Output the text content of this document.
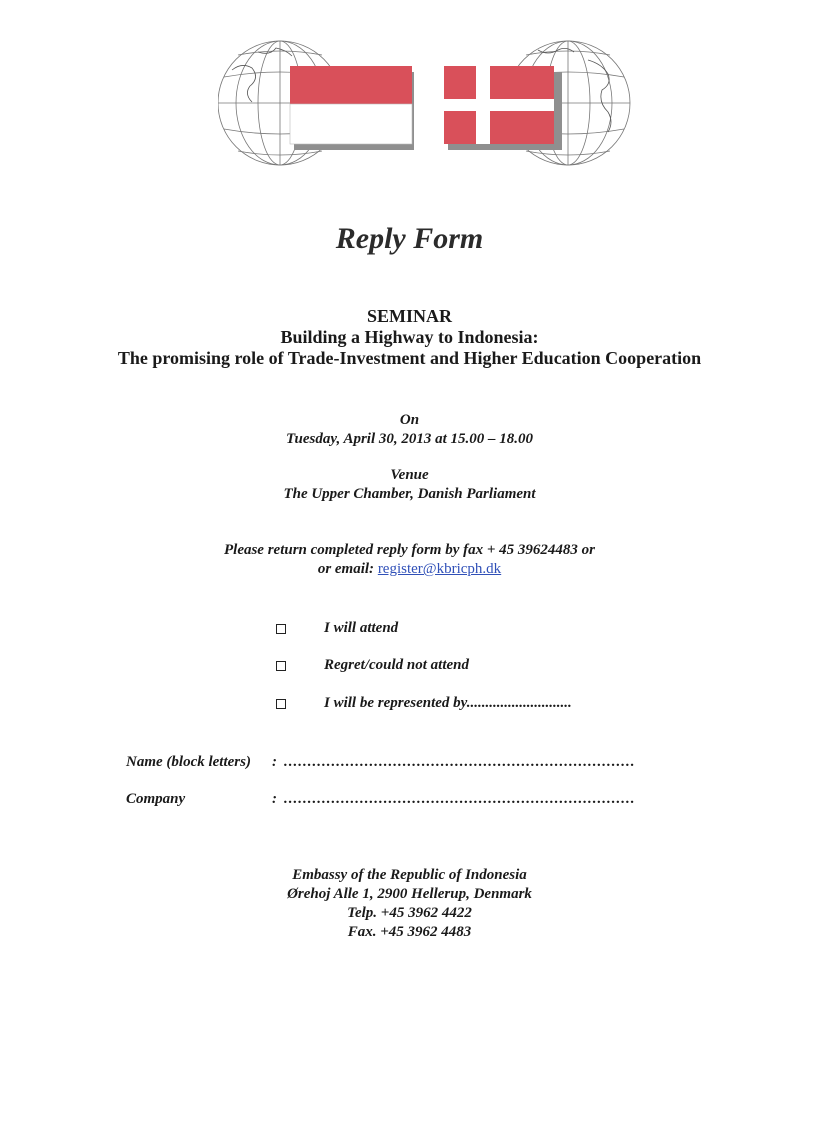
Reply Form
SEMINAR
Building a Highway to Indonesia:
The promising role of Trade-Investment and Higher Education Cooperation
On
Tuesday, April 30, 2013 at 15.00 – 18.00
Venue
The Upper Chamber, Danish Parliament
Please return completed reply form by fax + 45 39624483 or
or email: register@kbricph.dk
I will attend
Regret/could not attend
I will be represented by............................
Name (block letters) : ..........................................................................
Company	: ..........................................................................
Embassy of the Republic of Indonesia
Ørehoj Alle 1, 2900 Hellerup, Denmark
Telp. +45 3962 4422
Fax. +45 3962 4483
